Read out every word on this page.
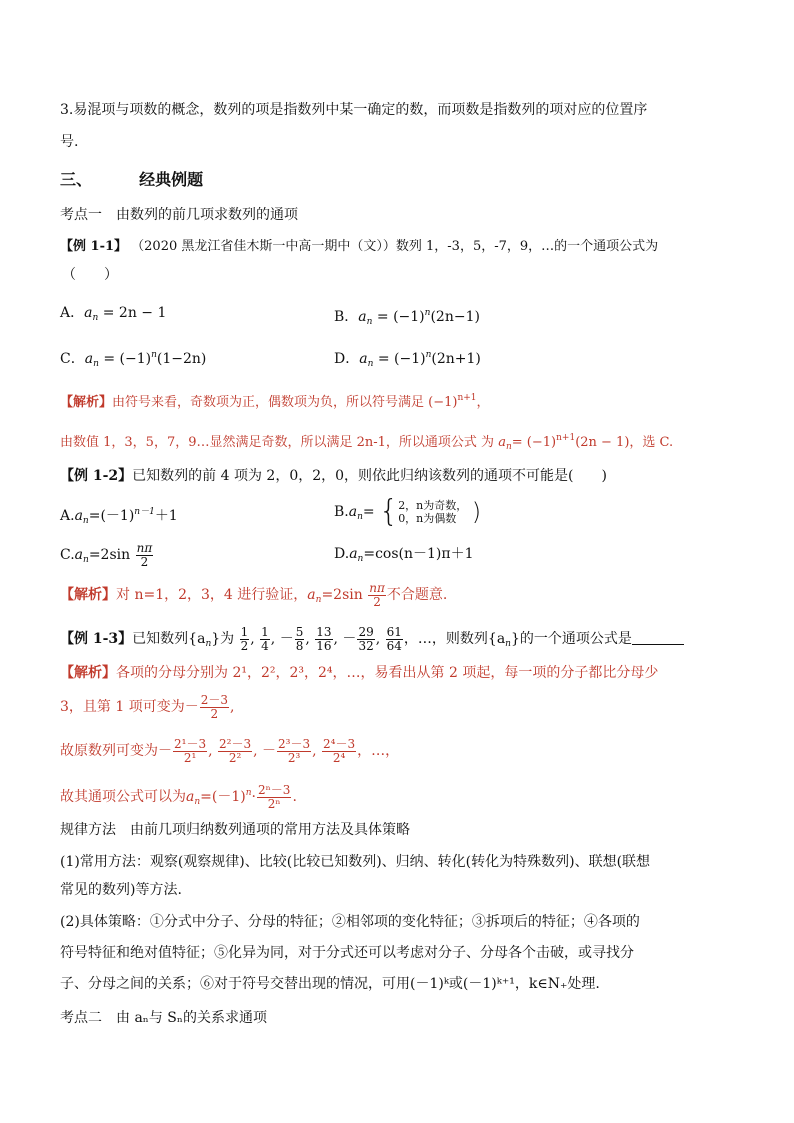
3.易混项与项数的概念，数列的项是指数列中某一确定的数，而项数是指数列的项对应的位置序
号.
三、	经典例题
考点一　由数列的前几项求数列的通项
【例 1-1】 （2020 黑龙江省佳木斯一中高一期中（文））数列 1，-3，5，-7，9，…的一个通项公式为
（　　）
A．$a_n = 2n - 1$	B．$a_n = (-1)^n(2n-1)$
C．$a_n = (-1)^n(1-2n)$	D．$a_n = (-1)^n(2n+1)$
【解析】由符号来看，奇数项为正，偶数项为负，所以符号满足 $(-1)^{n+1}$，
由数值 1，3，5，7，9…显然满足奇数，所以满足 2n-1，所以通项公式 为 $a_n= (-1)^{n+1}(2n - 1)$，选 C.
【例 1-2】已知数列的前 4 项为 2，0，2，0，则依此归纳该数列的通项不可能是(　　)
$A.a_n=(-1)^{n-1}+1$	$B.a_n= \{2$，n为奇数，
0，n为偶数 )
$C.a_n=2\sin \frac{n\pi}{2}$	$D.a_n=\cos(n-1)\pi+1$
【解析】对 n=1，2，3，4 进行验证，$a_n=2\sin \frac{n\pi}{2}$ 不合题意.
【例 1-3】已知数列$\{a_n\}$为 $\frac{1}{2}$ , $\frac{1}{4}$ , － $\frac{5}{8}$ , $\frac{13}{16}$ , － $\frac{29}{32}$ , $\frac{61}{64}$ ，…，则数列$\{a_n\}$的一个通项公式是
【解析】各项的分母分别为 2¹，2²，2³，2⁴，…，易看出从第 2 项起，每一项的分子都比分母少
3，且第 1 项可变为－ $\frac{2-3}{2}$ ,
故原数列可变为－ $\frac{\text{2¹－3}}{\text{2¹}}$ , $\frac{\text{2²－3}}{\text{2²}}$ , － $\frac{\text{2³－3}}{\text{2³}}$ , $\frac{\text{2⁴－3}}{\text{2⁴}}$ ，…，
故其通项公式可以为$a_n=(-1)^n\cdot \frac{\text{2ⁿ－3}}{\text{2ⁿ}}$ .
规律方法　由前几项归纳数列通项的常用方法及具体策略
(1)常用方法：观察(观察规律)、比较(比较已知数列)、归纳、转化(转化为特殊数列)、联想(联想
常见的数列)等方法.
(2)具体策略：①分式中分子、分母的特征；②相邻项的变化特征；③拆项后的特征；④各项的
符号特征和绝对值特征；⑤化异为同，对于分式还可以考虑对分子、分母各个击破，或寻找分
子、分母之间的关系；⑥对于符号交替出现的情况，可用(－1)ᵏ或(－1)ᵏ⁺¹，k∈N₊处理.
考点二　由 aₙ与 Sₙ的关系求通项
